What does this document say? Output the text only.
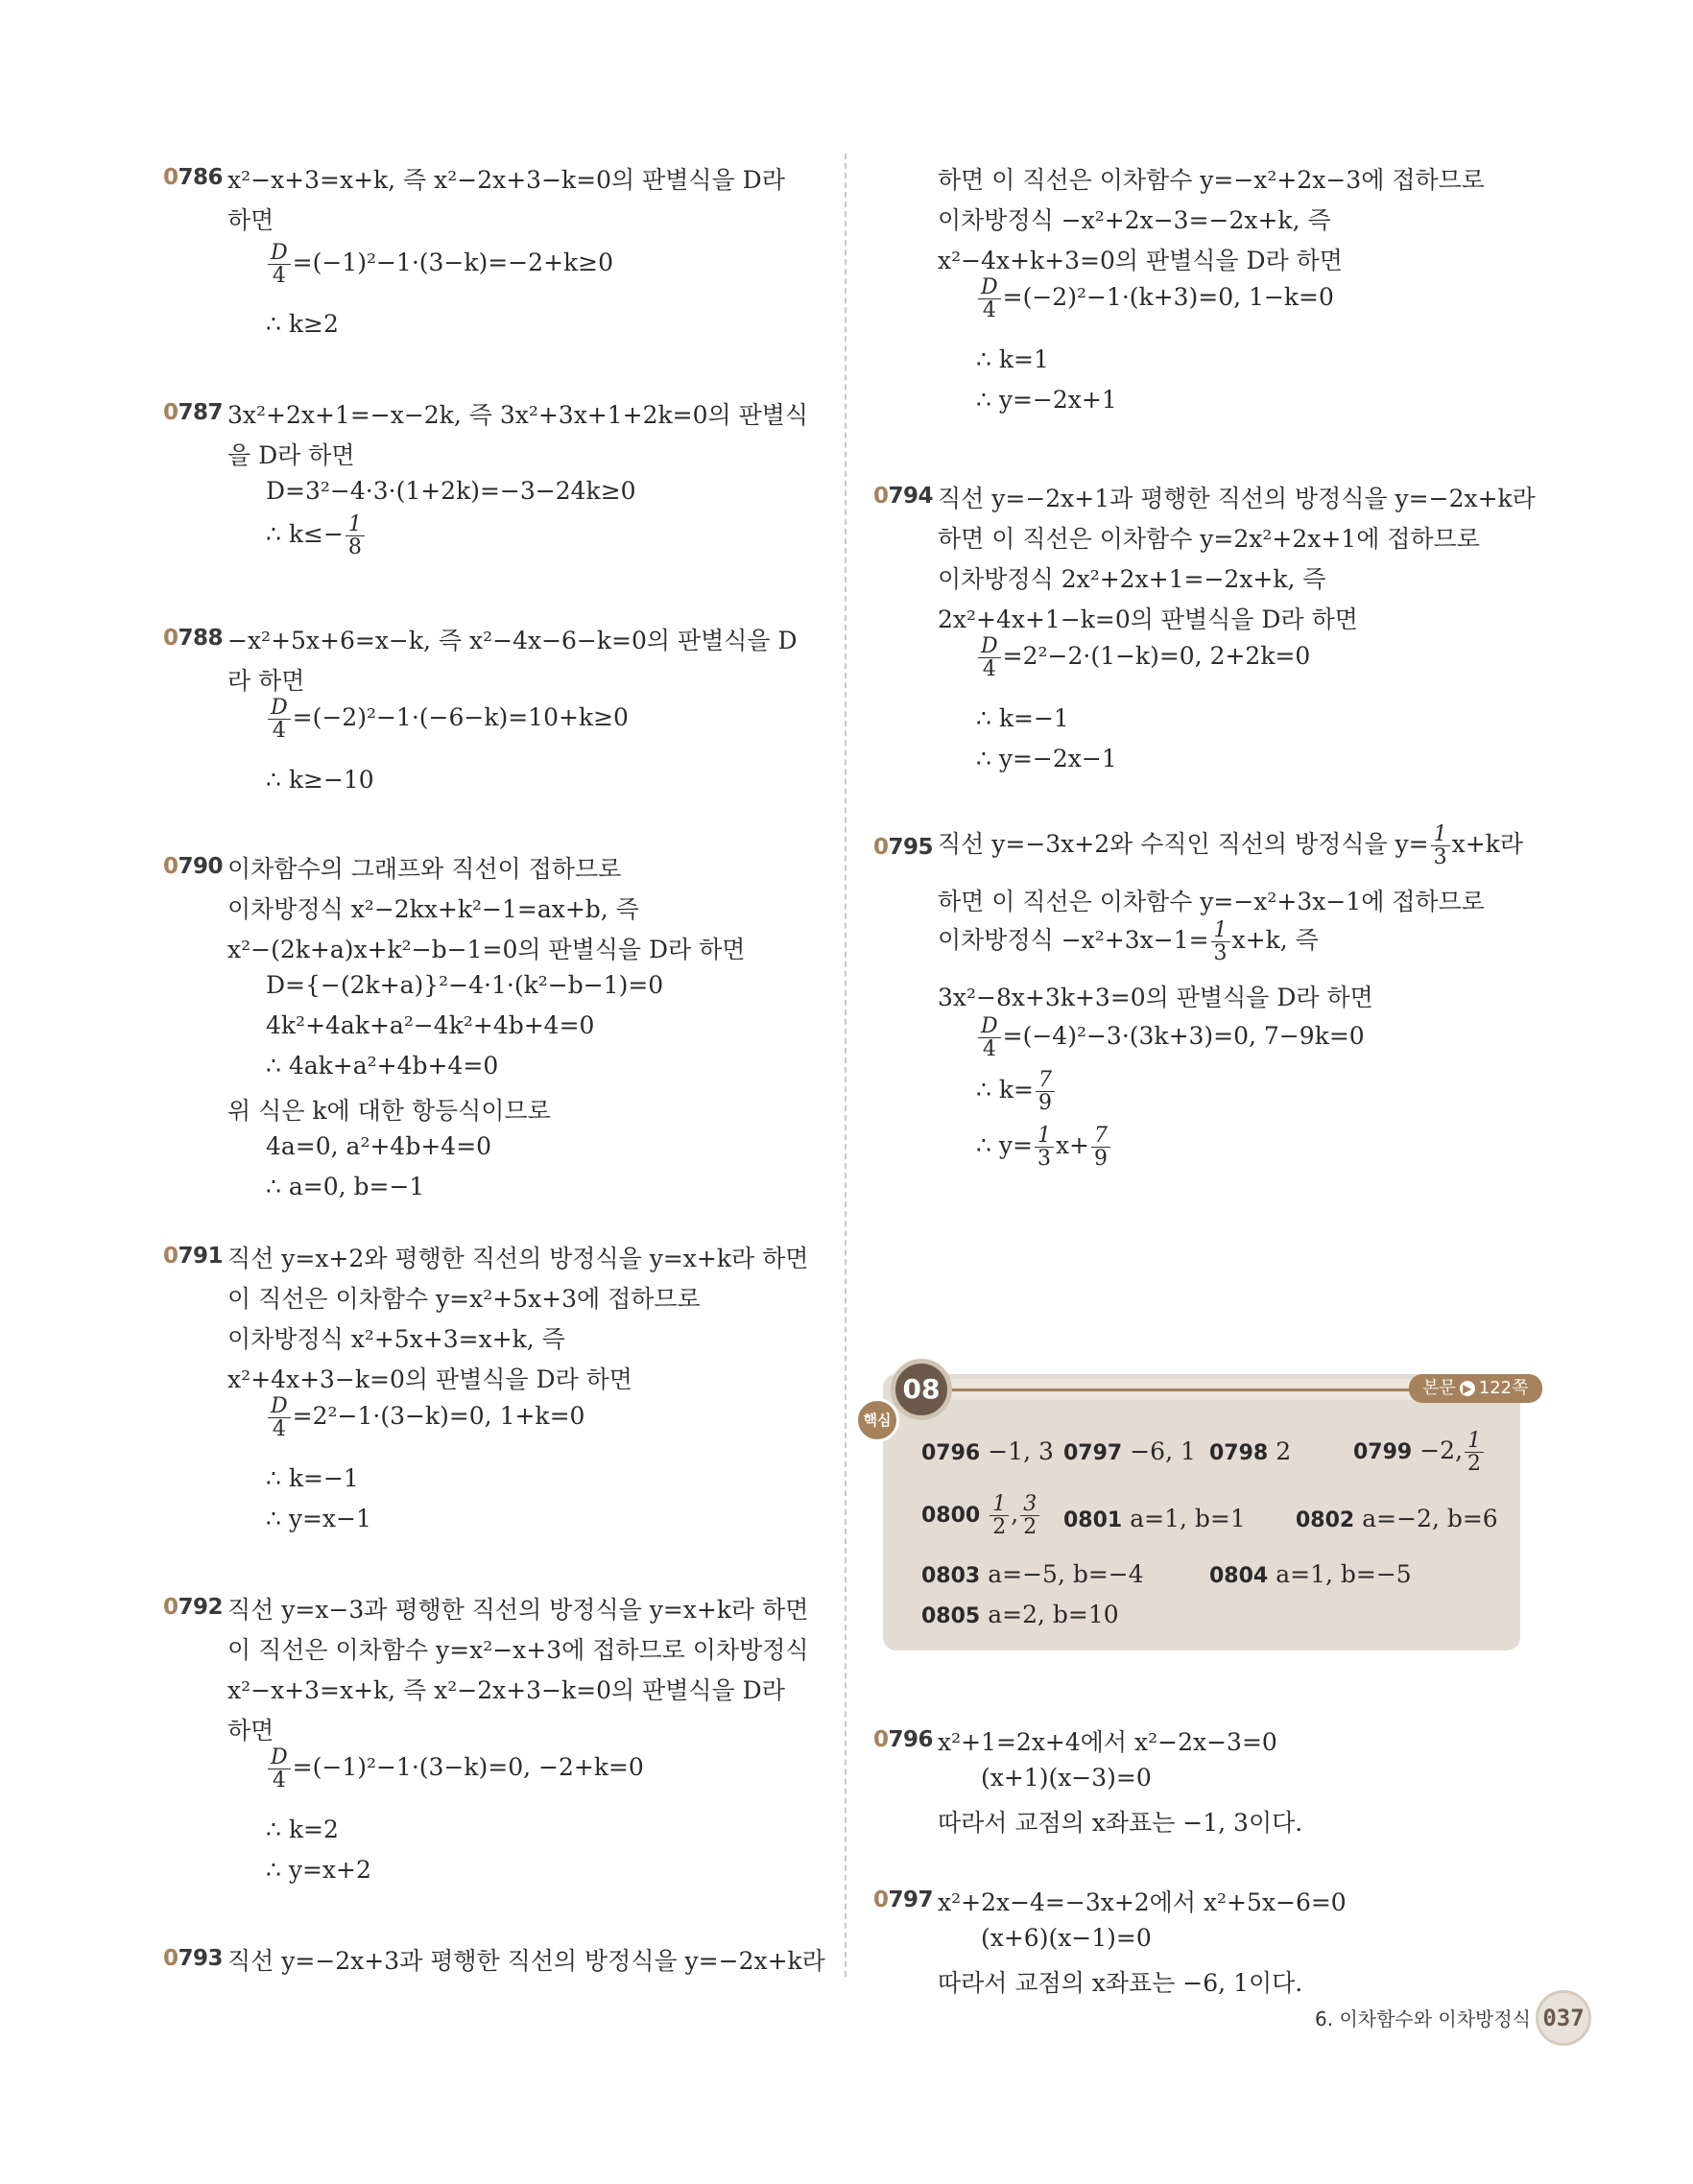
0786 x²−x+3=x+k, 즉 x²−2x+3−k=0의 판별식을 D라
하면
$\frac{D}{4} =(-1)^2-1\cdot(3-k)=-2+k\ge 0$
∴ k≥2
0787 3x²+2x+1=−x−2k, 즉 3x²+3x+1+2k=0의 판별식
을 D라 하면
D=3²−4·3·(1+2k)=−3−24k≥0
∴ $k\le- \frac{1}{8}$
0788 −x²+5x+6=x−k, 즉 x²−4x−6−k=0의 판별식을 D
라 하면
$\frac{D}{4} =(-2)^2-1\cdot(-6-k)=10+k\ge 0$
∴ k≥−10
0790 이차함수의 그래프와 직선이 접하므로
이차방정식 x²−2kx+k²−1=ax+b, 즉
x²−(2k+a)x+k²−b−1=0의 판별식을 D라 하면
D={−(2k+a)}²−4·1·(k²−b−1)=0
4k²+4ak+a²−4k²+4b+4=0
∴ 4ak+a²+4b+4=0
위 식은 k에 대한 항등식이므로
4a=0, a²+4b+4=0
∴ a=0, b=−1
0791 직선 y=x+2와 평행한 직선의 방정식을 y=x+k라 하면
이 직선은 이차함수 y=x²+5x+3에 접하므로
이차방정식 x²+5x+3=x+k, 즉
x²+4x+3−k=0의 판별식을 D라 하면
$\frac{D}{4} =2^2-1\cdot(3-k)=0$, 1+k=0
∴ k=−1
∴ y=x−1
0792 직선 y=x−3과 평행한 직선의 방정식을 y=x+k라 하면
이 직선은 이차함수 y=x²−x+3에 접하므로 이차방정식
x²−x+3=x+k, 즉 x²−2x+3−k=0의 판별식을 D라
하면
$\frac{D}{4} =(-1)^2-1\cdot(3-k)=0$, −2+k=0
∴ k=2
∴ y=x+2
0793 직선 y=−2x+3과 평행한 직선의 방정식을 y=−2x+k라
하면 이 직선은 이차함수 y=−x²+2x−3에 접하므로
이차방정식 −x²+2x−3=−2x+k, 즉
x²−4x+k+3=0의 판별식을 D라 하면
$\frac{D}{4} =(-2)^2-1\cdot(k+3)=0$, 1−k=0
∴ k=1
∴ y=−2x+1
0794 직선 y=−2x+1과 평행한 직선의 방정식을 y=−2x+k라
하면 이 직선은 이차함수 y=2x²+2x+1에 접하므로
이차방정식 2x²+2x+1=−2x+k, 즉
2x²+4x+1−k=0의 판별식을 D라 하면
$\frac{D}{4} =2^2-2\cdot(1-k)=0$, 2+2k=0
∴ k=−1
∴ y=−2x−1
0795 직선 y=−3x+2와 수직인 직선의 방정식을 $y= \frac{1}{3} x+k$라
하면 이 직선은 이차함수 y=−x²+3x−1에 접하므로
이차방정식 $-x^2+3x-1= \frac{1}{3} x+k$, 즉
3x²−8x+3k+3=0의 판별식을 D라 하면
$\frac{D}{4} =(-4)^2-3\cdot(3k+3)=0$, 7−9k=0
∴ $k= \frac{7}{9}$
∴ $y= \frac{1}{3} x+ \frac{7}{9}$
0796 x²+1=2x+4에서 x²−2x−3=0
(x+1)(x−3)=0
따라서 교점의 x좌표는 −1, 3이다.
0797 x²+2x−4=−3x+2에서 x²+5x−6=0
(x+6)(x−1)=0
따라서 교점의 x좌표는 −6, 1이다.
08
핵심
본문 ▶ 122쪽
0796 −1, 3 0797 −6, 1 0798 2	0799 −2, $\frac{1}{2}$
$0800 \frac{1}{2}$ , $\frac{3}{2} 0801$ a=1, b=1 0802 a=−2, b=6
0803 a=−5, b=−4	0804 a=1, b=−5
0805 a=2, b=10
6. 이차함수와 이차방정식 037
